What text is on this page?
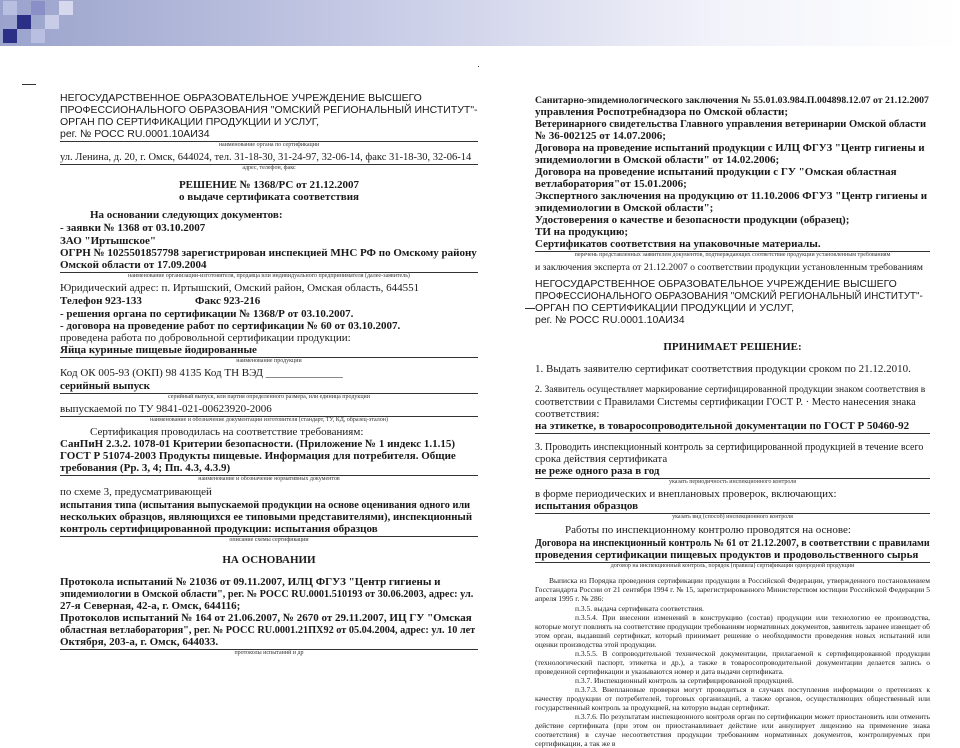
НЕГОСУДАРСТВЕННОЕ ОБРАЗОВАТЕЛЬНОЕ УЧРЕЖДЕНИЕ ВЫСШЕГО
ПРОФЕССИОНАЛЬНОГО ОБРАЗОВАНИЯ "ОМСКИЙ РЕГИОНАЛЬНЫЙ ИНСТИТУТ"-
ОРГАН ПО СЕРТИФИКАЦИИ ПРОДУКЦИИ И УСЛУГ,
рег. № РОСС RU.0001.10АИ34
наименование органа по сертификации
ул. Ленина, д. 20, г. Омск, 644024, тел. 31-18-30, 31-24-97, 32-06-14, факс 31-18-30, 32-06-14
адрес, телефон, факс
РЕШЕНИЕ № 1368/РС от 21.12.2007
о выдаче сертификата соответствия
На основании следующих документов:
- заявки № 1368 от 03.10.2007
ЗАО "Иртышское"
ОГРН № 1025501857798 зарегистрирован инспекцией МНС РФ по Омскому району
Омской области от 17.09.2004
наименование организации-изготовителя, продавца или индивидуального предпринимателя (далее-заявитель)
Юридический адрес: п. Иртышский, Омский район, Омская область, 644551
Телефон 923-133	Факс 923-216
- решения органа по сертификации № 1368/Р от 03.10.2007.
- договора на проведение работ по сертификации № 60 от 03.10.2007.
проведена работа по добровольной сертификации продукции:
Яйца куриные пищевые йодированные
наименование продукции
Код ОК 005-93 (ОКП) 98 4135 Код ТН ВЭД ______________
серийный выпуск
серийный выпуск, или партия определенного размера, или единица продукции
выпускаемой по ТУ 9841-021-00623920-2006
наименование и обозначение документации изготовителя (стандарт, ТУ, КД, образец-эталон)
Сертификация проводилась на соответствие требованиям:
СанПиН 2.3.2. 1078-01 Критерии безопасности. (Приложение № 1 индекс 1.1.15)
ГОСТ Р 51074-2003 Продукты пищевые. Информация для потребителя. Общие
требования (Рр. 3, 4; Пп. 4.3, 4.3.9)
наименование и обозначение нормативных документов
по схеме 3, предусматривающей
испытания типа (испытания выпускаемой продукции на основе оценивания одного или
нескольких образцов, являющихся ее типовыми представителями), инспекционный
контроль сертифицированной продукции: испытания образцов
описание схемы сертификации
НА ОСНОВАНИИ
Протокола испытаний № 21036 от 09.11.2007, ИЛЦ ФГУЗ "Центр гигиены и
эпидемиологии в Омской области", рег. № РОСС RU.0001.510193 от 30.06.2003, адрес: ул.
27-я Северная, 42-а, г. Омск, 644116;
Протоколов испытаний № 164 от 21.06.2007, № 2670 от 29.11.2007, ИЦ ГУ "Омская
областная ветлаборатория", рег. № РОСС RU.0001.21ПХ92 от 05.04.2004, адрес: ул. 10 лет
Октября, 203-а, г. Омск, 644033.
протоколы испытаний и др
Санитарно-эпидемиологического заключения № 55.01.03.984.П.004898.12.07 от 21.12.2007
управления Роспотребнадзора по Омской области;
Ветеринарного свидетельства Главного управления ветеринарии Омской области
№ 36-002125 от 14.07.2006;
Договора на проведение испытаний продукции с ИЛЦ ФГУЗ "Центр гигиены и
эпидемиологии в Омской области" от 14.02.2006;
Договора на проведение испытаний продукции с ГУ "Омская областная
ветлаборатория"от 15.01.2006;
Экспертного заключения на продукцию от 11.10.2006 ФГУЗ "Центр гигиены и
эпидемиологии в Омской области";
Удостоверения о качестве и безопасности продукции (образец);
ТИ на продукцию;
Сертификатов соответствия на упаковочные материалы.
перечень представленных заявителем документов, подтверждающих соответствие продукции установленным требованиям
и заключения эксперта от 21.12.2007 о соответствии продукции установленным требованиям
НЕГОСУДАРСТВЕННОЕ ОБРАЗОВАТЕЛЬНОЕ УЧРЕЖДЕНИЕ ВЫСШЕГО
ПРОФЕССИОНАЛЬНОГО ОБРАЗОВАНИЯ "ОМСКИЙ РЕГИОНАЛЬНЫЙ ИНСТИТУТ"-
ОРГАН ПО СЕРТИФИКАЦИИ ПРОДУКЦИИ И УСЛУГ,
рег. № РОСС RU.0001.10АИ34
ПРИНИМАЕТ РЕШЕНИЕ:
1. Выдать заявителю сертификат соответствия продукции сроком по 21.12.2010.
2. Заявитель осуществляет маркирование сертифицированной продукции знаком соответствия в
соответствии с Правилами Системы сертификации ГОСТ Р. · Место нанесения знака
соответствия:
на этикетке, в товаросопроводительной документации по ГОСТ Р 50460-92
3. Проводить инспекционный контроль за сертифицированной продукцией в течение всего
срока действия сертификата
не реже одного раза в год
указать периодичность инспекционного контроля
в форме периодических и внеплановых проверок, включающих:
испытания образцов
указать вид (способ) инспекционного контроля
Работы по инспекционному контролю проводятся на основе:
Договора на инспекционный контроль № 61 от 21.12.2007, в соответствии с правилами
проведения сертификации пищевых продуктов и продовольственного сырья
договор на инспекционный контроль, порядок (правила) сертификации однородной продукции
Выписка из Порядка проведения сертификации продукции в Российской Федерации, утвержденного постановлением Госстандарта России от 21 сентября 1994 г. № 15, зарегистрированного Министерством юстиции Российской Федерации 5 апреля 1995 г. № 286:
п.3.5. выдача сертификата соответствия.
п.3.5.4. При внесении изменений в конструкцию (состав) продукции или технологию ее производства, которые могут повлиять на соответствие продукции требованиям нормативных документов, заявитель заранее извещает об этом орган, выдавший сертификат, который принимает решение о необходимости проведения новых испытаний или оценки производства этой продукции.
п.3.5.5. В сопроводительной технической документации, прилагаемой к сертифицированной продукции (технологический паспорт, этикетка и др.), а также в товаросопроводительной документации делается запись о проведенной сертификации и указываются номер и дата выдачи сертификата.
п.3.7. Инспекционный контроль за сертифицированной продукцией.
п.3.7.3. Внеплановые проверки могут проводиться в случаях поступления информации о претензиях к качеству продукции от потребителей, торговых организаций, а также органов, осуществляющих общественный или государственный контроль за продукцией, на которую выдан сертификат.
п.3.7.6. По результатам инспекционного контроля орган по сертификации может приостановить или отменить действие сертификата (при этом он приостанавливает действие или аннулирует лицензию на применение знака соответствия) в случае несоответствия продукции требованиям нормативных документов, контролируемых при сертификации, а так же в
